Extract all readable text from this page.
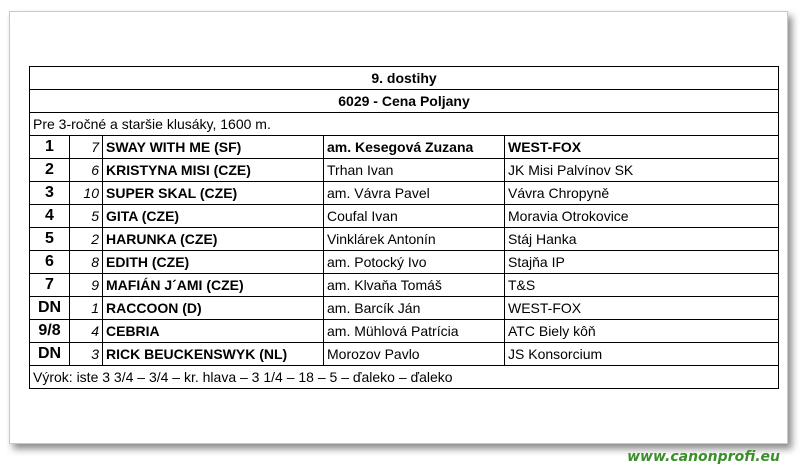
9. dostihy				
6029 - Cena Poljany				
Pre 3-ročné a staršie klusáky, 1600 m.				
1	7	SWAY WITH ME (SF)	am. Kesegová Zuzana	WEST-FOX
2	6	KRISTYNA MISI (CZE)	Trhan Ivan	JK Misi Palvínov SK
3	10	SUPER SKAL (CZE)	am. Vávra Pavel	Vávra Chropyně
4	5	GITA (CZE)	Coufal Ivan	Moravia Otrokovice
5	2	HARUNKA (CZE)	Vinklárek Antonín	Stáj Hanka
6	8	EDITH (CZE)	am. Potocký Ivo	Stajňa IP
7	9	MAFIÁN J´AMI (CZE)	am. Klvaňa Tomáš	T&S
DN	1	RACCOON (D)	am. Barcík Ján	WEST-FOX
9/8	4	CEBRIA	am. Mühlová Patrícia	ATC Biely kôň
DN	3	RICK BEUCKENSWYK (NL)	Morozov Pavlo	JS Konsorcium
Výrok: iste 3 3/4 – 3/4 – kr. hlava – 3 1/4 – 18 – 5 – ďaleko – ďaleko				
www.canonprofi.eu
